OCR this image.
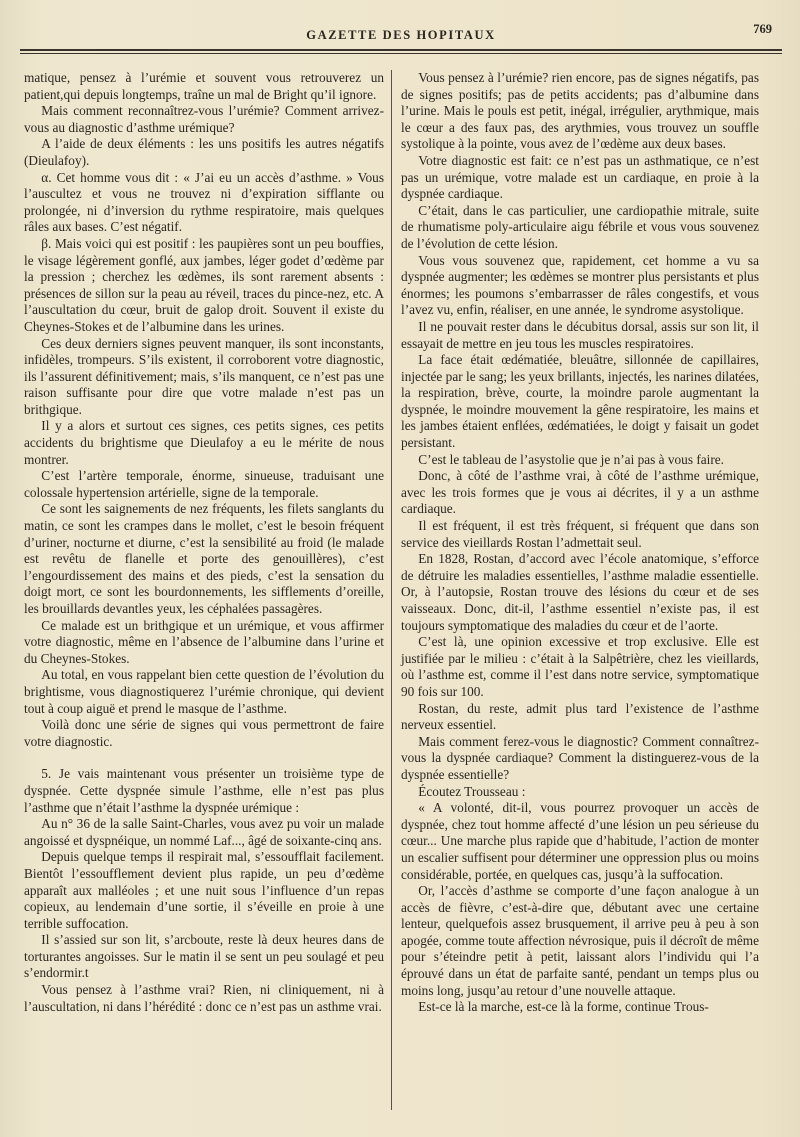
GAZETTE DES HOPITAUX	769

matique, pensez à l’urémie et souvent vous retrouverez un patient,qui depuis longtemps, traîne un mal de Bright qu’il ignore.

Mais comment reconnaîtrez-vous l’urémie? Comment arrivez-vous au diagnostic d’asthme urémique?

A l’aide de deux éléments : les uns positifs les autres négatifs (Dieulafoy).

α. Cet homme vous dit : « J’ai eu un accès d’asthme. » Vous l’auscultez et vous ne trouvez ni d’expiration sifflante ou prolongée, ni d’inversion du rythme respiratoire, mais quelques râles aux bases. C’est négatif.

β. Mais voici qui est positif : les paupières sont un peu bouffies, le visage légèrement gonflé, aux jambes, léger godet d’œdème par la pression ; cherchez les œdèmes, ils sont rarement absents : présences de sillon sur la peau au réveil, traces du pince-nez, etc. A l’auscultation du cœur, bruit de galop droit. Souvent il existe du Cheynes-Stokes et de l’albumine dans les urines.

Ces deux derniers signes peuvent manquer, ils sont inconstants, infidèles, trompeurs. S’ils existent, il corroborent votre diagnostic, ils l’assurent définitivement; mais, s’ils manquent, ce n’est pas une raison suffisante pour dire que votre malade n’est pas un brithgique.

Il y a alors et surtout ces signes, ces petits signes, ces petits accidents du brightisme que Dieulafoy a eu le mérite de nous montrer.

C’est l’artère temporale, énorme, sinueuse, traduisant une colossale hypertension artérielle, signe de la temporale.

Ce sont les saignements de nez fréquents, les filets sanglants du matin, ce sont les crampes dans le mollet, c’est le besoin fréquent d’uriner, nocturne et diurne, c’est la sensibilité au froid (le malade est revêtu de flanelle et porte des genouillères), c’est l’engourdissement des mains et des pieds, c’est la sensation du doigt mort, ce sont les bourdonnements, les sifflements d’oreille, les brouillards devantles yeux, les céphalées passagères.

Ce malade est un brithgique et un urémique, et vous affirmer votre diagnostic, même en l’absence de l’albumine dans l’urine et du Cheynes-Stokes.

Au total, en vous rappelant bien cette question de l’évolution du brightisme, vous diagnostiquerez l’urémie chronique, qui devient tout à coup aiguë et prend le masque de l’asthme.

Voilà donc une série de signes qui vous permettront de faire votre diagnostic.

5. Je vais maintenant vous présenter un troisième type de dyspnée. Cette dyspnée simule l’asthme, elle n’est pas plus l’asthme que n’était l’asthme la dyspnée urémique :

Au n° 36 de la salle Saint-Charles, vous avez pu voir un malade angoissé et dyspnéique, un nommé Laf..., âgé de soixante-cinq ans.

Depuis quelque temps il respirait mal, s’essoufflait facilement. Bientôt l’essoufflement devient plus rapide, un peu d’œdème apparaît aux malléoles ; et une nuit sous l’influence d’un repas copieux, au lendemain d’une sortie, il s’éveille en proie à une terrible suffocation.

Il s’assied sur son lit, s’arcboute, reste là deux heures dans de torturantes angoisses. Sur le matin il se sent un peu soulagé et peu s’endormir.t

Vous pensez à l’asthme vrai? Rien, ni cliniquement, ni à l’auscultation, ni dans l’hérédité : donc ce n’est pas un asthme vrai.

Vous pensez à l’urémie? rien encore, pas de signes négatifs, pas de signes positifs; pas de petits accidents; pas d’albumine dans l’urine. Mais le pouls est petit, inégal, irrégulier, arythmique, mais le cœur a des faux pas, des arythmies, vous trouvez un souffle systolique à la pointe, vous avez de l’œdème aux deux bases.

Votre diagnostic est fait: ce n’est pas un asthmatique, ce n’est pas un urémique, votre malade est un cardiaque, en proie à la dyspnée cardiaque.

C’était, dans le cas particulier, une cardiopathie mitrale, suite de rhumatisme poly-articulaire aigu fébrile et vous vous souvenez de l’évolution de cette lésion.

Vous vous souvenez que, rapidement, cet homme a vu sa dyspnée augmenter; les œdèmes se montrer plus persistants et plus énormes; les poumons s’embarrasser de râles congestifs, et vous l’avez vu, enfin, réaliser, en une année, le syndrome asystolique.

Il ne pouvait rester dans le décubitus dorsal, assis sur son lit, il essayait de mettre en jeu tous les muscles respiratoires.

La face était œdématiée, bleuâtre, sillonnée de capillaires, injectée par le sang; les yeux brillants, injectés, les narines dilatées, la respiration, brève, courte, la moindre parole augmentant la dyspnée, le moindre mouvement la gêne respiratoire, les mains et les jambes étaient enflées, œdématiées, le doigt y faisait un godet persistant.

C’est le tableau de l’asystolie que je n’ai pas à vous faire.

Donc, à côté de l’asthme vrai, à côté de l’asthme urémique, avec les trois formes que je vous ai décrites, il y a un asthme cardiaque.

Il est fréquent, il est très fréquent, si fréquent que dans son service des vieillards Rostan l’admettait seul.

En 1828, Rostan, d’accord avec l’école anatomique, s’efforce de détruire les maladies essentielles, l’asthme maladie essentielle. Or, à l’autopsie, Rostan trouve des lésions du cœur et de ses vaisseaux. Donc, dit-il, l’asthme essentiel n’existe pas, il est toujours symptomatique des maladies du cœur et de l’aorte.

C’est là, une opinion excessive et trop exclusive. Elle est justifiée par le milieu : c’était à la Salpêtrière, chez les vieillards, où l’asthme est, comme il l’est dans notre service, symptomatique 90 fois sur 100.

Rostan, du reste, admit plus tard l’existence de l’asthme nerveux essentiel.

Mais comment ferez-vous le diagnostic? Comment connaîtrez-vous la dyspnée cardiaque? Comment la distinguerez-vous de la dyspnée essentielle?

Écoutez Trousseau :

« A volonté, dit-il, vous pourrez provoquer un accès de dyspnée, chez tout homme affecté d’une lésion un peu sérieuse du cœur... Une marche plus rapide que d’habitude, l’action de monter un escalier suffisent pour déterminer une oppression plus ou moins considérable, portée, en quelques cas, jusqu’à la suffocation.

Or, l’accès d’asthme se comporte d’une façon analogue à un accès de fièvre, c’est-à-dire que, débutant avec une certaine lenteur, quelquefois assez brusquement, il arrive peu à peu à son apogée, comme toute affection névrosique, puis il décroît de même pour s’éteindre petit à petit, laissant alors l’individu qui l’a éprouvé dans un état de parfaite santé, pendant un temps plus ou moins long, jusqu’au retour d’une nouvelle attaque.

Est-ce là la marche, est-ce là la forme, continue Trous-
